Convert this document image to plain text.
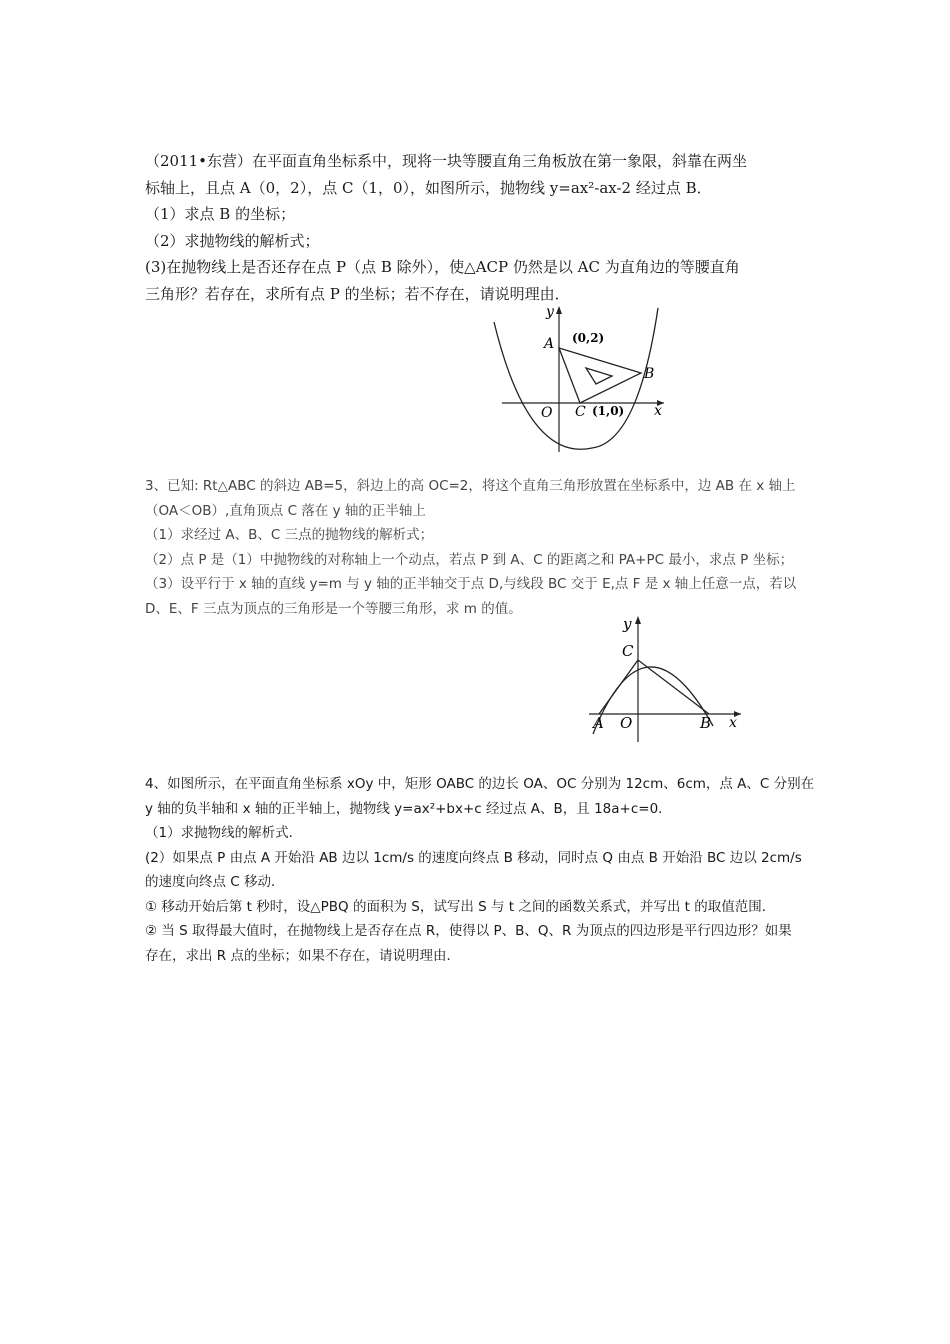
（2011•东营）在平面直角坐标系中，现将一块等腰直角三角板放在第一象限，斜靠在两坐
标轴上，且点 A（0，2），点 C（1，0），如图所示，抛物线 y=ax²-ax-2 经过点 B．
（1）求点 B 的坐标；
（2）求抛物线的解析式；
(3)在抛物线上是否还存在点 P（点 B 除外），使△ACP 仍然是以 AC 为直角边的等腰直角
三角形？若存在，求所有点 P 的坐标；若不存在，请说明理由．
y
x
A
B
C
O
(0,2)
(1,0)
3、已知: Rt△ABC 的斜边 AB=5，斜边上的高 OC=2，将这个直角三角形放置在坐标系中，边 AB 在 x 轴上
（OA＜OB）,直角顶点 C 落在 y 轴的正半轴上
（1）求经过 A、B、C 三点的抛物线的解析式；
（2）点 P 是（1）中抛物线的对称轴上一个动点，若点 P 到 A、C 的距离之和 PA+PC 最小，求点 P 坐标；
（3）设平行于 x 轴的直线 y=m 与 y 轴的正半轴交于点 D,与线段 BC 交于 E,点 F 是 x 轴上任意一点，若以
D、E、F 三点为顶点的三角形是一个等腰三角形，求 m 的值。
y
x
C
A O	B
4、如图所示，在平面直角坐标系 xOy 中，矩形 OABC 的边长 OA、OC 分别为 12cm、6cm，点 A、C 分别在
y 轴的负半轴和 x 轴的正半轴上，抛物线 y=ax²+bx+c 经过点 A、B，且 18a+c=0．
（1）求抛物线的解析式．
(2）如果点 P 由点 A 开始沿 AB 边以 1cm/s 的速度向终点 B 移动，同时点 Q 由点 B 开始沿 BC 边以 2cm/s
的速度向终点 C 移动．
① 移动开始后第 t 秒时，设△PBQ 的面积为 S，试写出 S 与 t 之间的函数关系式，并写出 t 的取值范围．
② 当 S 取得最大值时，在抛物线上是否存在点 R，使得以 P、B、Q、R 为顶点的四边形是平行四边形？如果
存在，求出 R 点的坐标；如果不存在，请说明理由．
